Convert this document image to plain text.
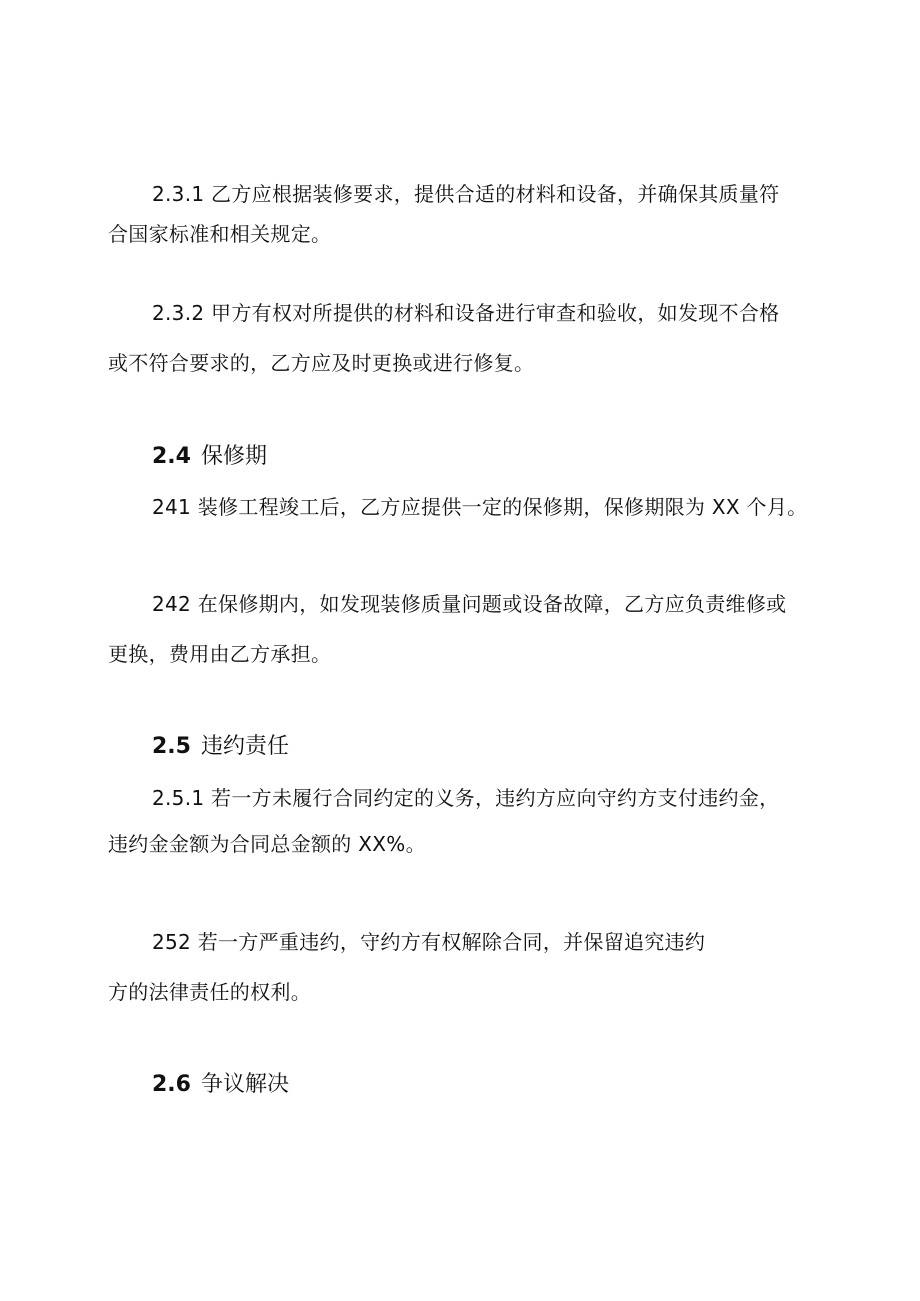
2.3.1 乙方应根据装修要求，提供合适的材料和设备，并确保其质量符
合国家标准和相关规定。
2.3.2 甲方有权对所提供的材料和设备进行审查和验收，如发现不合格
或不符合要求的，乙方应及时更换或进行修复。
2.4 保修期
241 装修工程竣工后，乙方应提供一定的保修期，保修期限为 XX 个月。
242 在保修期内，如发现装修质量问题或设备故障，乙方应负责维修或
更换，费用由乙方承担。
2.5 违约责任
2.5.1 若一方未履行合同约定的义务，违约方应向守约方支付违约金，
违约金金额为合同总金额的 XX%。
252 若一方严重违约，守约方有权解除合同，并保留追究违约
方的法律责任的权利。
2.6 争议解决
